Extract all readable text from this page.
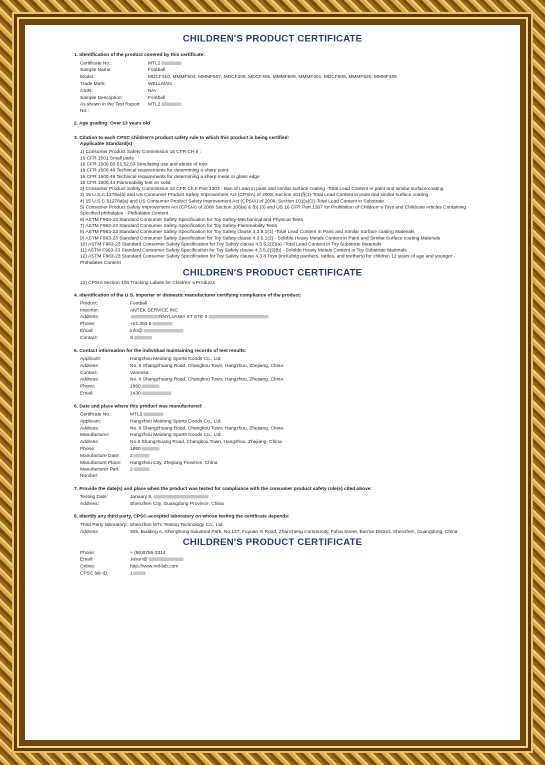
CHILDREN'S PRODUCT CERTIFICATE
1. Identification of the product covered by this certificate:
Certificate No.:	MTL2
Sample Name:	Football
Model:	MDCF310, MMMF504, MMMF507, MDCF206, MDCF405, MMMF509, MMMF401, MDCF506, MMMF530, MMMF406
Trade Mark:	WELLMAN
ASIN:	N/A
Sample Description:	Football
As shown in the Test Report No.:	MTL2
2. Age grading: Over 13 years old
3. Citation to each CPSC children's product safety rule to which this product is being certified:
Applicable Standard(s)
1) Consumer Product Safety Commission 16 CFR CH.II :
16 CFR 1501 Small parts
16 CFR 1500.50-51,52,53 Simulating use and abuse of toys
16 CFR 1500.48 Technical requirements for determining a sharp point
16 CFR 1500.49 Technical requirements for determining a sharp metal or glass edge
16 CFR 1500.44 Flammability test on solid
2) Consumer Product Safety Commission 16 CFR Ch.II Part 1303 - Ban of Lead in paint and similar surface coating -Total Lead Content in paint and similar surface coating
3) 15 U.S.C.1278a(a) and US Consumer Product Safety Improvement Act (CPSIA) of 2008, Section 101(f)(1)-Total Lead Content in paint and similar surface coating
4) 15 U.S.C.§1278a(a) and US Consumer Product Safety Improvement Act (CPSIA) of 2008, Section 101(a)(2)-Total Lead Content in Substrate
5) Consumer Product Safety Improvement Act (CPSIA) of 2008 Section 108(a) & (b) (3) and US 16 CFR Part 1307 for Prohibition of Children' s Toys and Childcare Articles Containing Specified phthalates - Phthalates Content
6) ASTM F963-23 Standard Consumer Safety Specification for Toy Safety-Mechanical and Physical Tests
7) ASTM F963-23 Standard Consumer Safety Specification for Toy Safety-Flammability Tests
8) ASTM F963-23 Standard Consumer Safety Specification for Toy Safety clause 4.3.5.1(1) -Total Lead Content in Paint and Similar Surface coating Materials
9) ASTM F963-23 Standard Consumer Safety Specification for Toy Safety clause 4.3.5.1(2) - Soluble Heavy Metals Content in Paint and Similar Surface coating Materials
10) ASTM F963-23 Standard Consumer Safety Specification for Toy Safety clause 4.3.5.2(2)(a) -Total Lead Content in Toy Substrate Materials
11) ASTM F963-23 Standard Consumer Safety Specification for Toy Safety clause 4.3.5.2(2)(b) - Soluble Heavy Metals Content in Toy Substrate Materials
12) ASTM F963-23 Standard Consumer Safety Specification for Toy Safety clause 4.3.8 Toys (including pacifiers, rattles, and teethers) for children 12 years of age and younger - Phthalates Content
CHILDREN'S PRODUCT CERTIFICATE
13) CPSIA Section 103 Tracking Labels for Children' s Products
4. Identification of the U.S. importer or domestic manufacturer certifying compliance of the product:
Product:	Football
Importer:	ANTEK SERVICE INC
Address:	NNYLVANIA ST STE 0
Phone:	+01.303.8
Email:	info@
Contact:	S
5. Contact information for the individual maintaining records of test results:
Applicant:	Hangzhou Meidong Sports Goods Co., Ltd.
Address:	No. 6 Shangzhuang Road, Changkou Town, Hangzhou, Zhejiang, China
Contact:	Vanessa
Address:	No. 6 Shangzhuang Road, Changkou Town, Hangzhou, Zhejiang, China
Phone:	1860
Email:	1430
6. Date and place where this product was manufactured:
Certificate No.:	MTL2
Applicant:	Hangzhou Meidong Sports Goods Co., Ltd.
Address:	No. 6 Shangzhuang Road, Changkou Town, Hangzhou, Zhejiang, China
Manufacturer:	Hangzhou Meidong Sports Goods Co., Ltd.
Address:	No.6 Shangzhuang Road, Changkou Town, Hangzhou, Zhejiang, China
Phone:	1860
Manufacture Date:	2
Manufacture Place:	Hangzhou City, Zhejiang Province, China
Manufacturer Part Number:	2
7. Provide the date(s) and place when the product was tested for compliance with the consumer product safety rule(s) cited above:
Testing Date:	January 8,
Address:	Shenzhen City, Guangdong Province, China
8. Identify any third party, CPSC-accepted laboratory on whose testing the certificate depends:
Third Party laboratory:	Shenzhen MTL Testing Technology Co., Ltd.
Address:	305, Building A, Shenghong Industrial Park, No.137, Fuyuan Yi Road, Zhancheng Community, Fuhai Street, Bao'an District, Shenzhen, Guangdong, China
CHILDREN'S PRODUCT CERTIFICATE
Phone:	+ (86)0755-3314
Email:	Jason@
Online:	http://www.mtl-lab.com
CPSC lab ID:	1
